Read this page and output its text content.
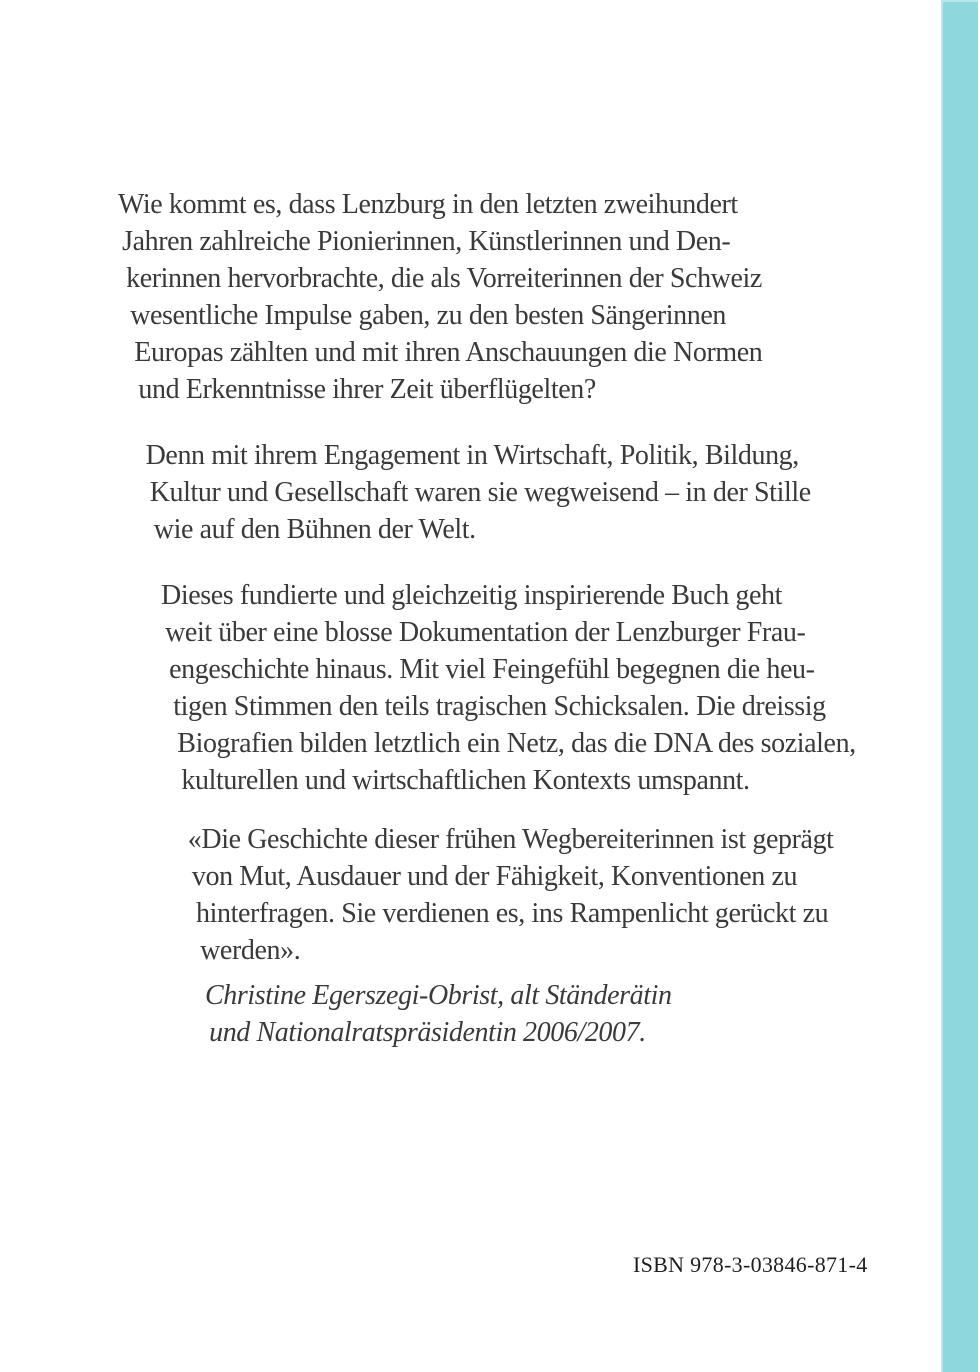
Wie kommt es, dass Lenzburg in den letzten zweihundert
Jahren zahlreiche Pionierinnen, Künstlerinnen und Den-
kerinnen hervorbrachte, die als Vorreiterinnen der Schweiz
wesentliche Impulse gaben, zu den besten Sängerinnen
Europas zählten und mit ihren Anschauungen die Normen
und Erkenntnisse ihrer Zeit überflügelten?
Denn mit ihrem Engagement in Wirtschaft, Politik, Bildung,
Kultur und Gesellschaft waren sie wegweisend – in der Stille
wie auf den Bühnen der Welt.
Dieses fundierte und gleichzeitig inspirierende Buch geht
weit über eine blosse Dokumentation der Lenzburger Frau-
engeschichte hinaus. Mit viel Feingefühl begegnen die heu-
tigen Stimmen den teils tragischen Schicksalen. Die dreissig
Biografien bilden letztlich ein Netz, das die DNA des sozialen,
kulturellen und wirtschaftlichen Kontexts umspannt.
«Die Geschichte dieser frühen Wegbereiterinnen ist geprägt
von Mut, Ausdauer und der Fähigkeit, Konventionen zu
hinterfragen. Sie verdienen es, ins Rampenlicht gerückt zu
werden».
Christine Egerszegi-Obrist, alt Ständerätin
und Nationalratspräsidentin 2006/2007.
ISBN 978-3-03846-871-4
